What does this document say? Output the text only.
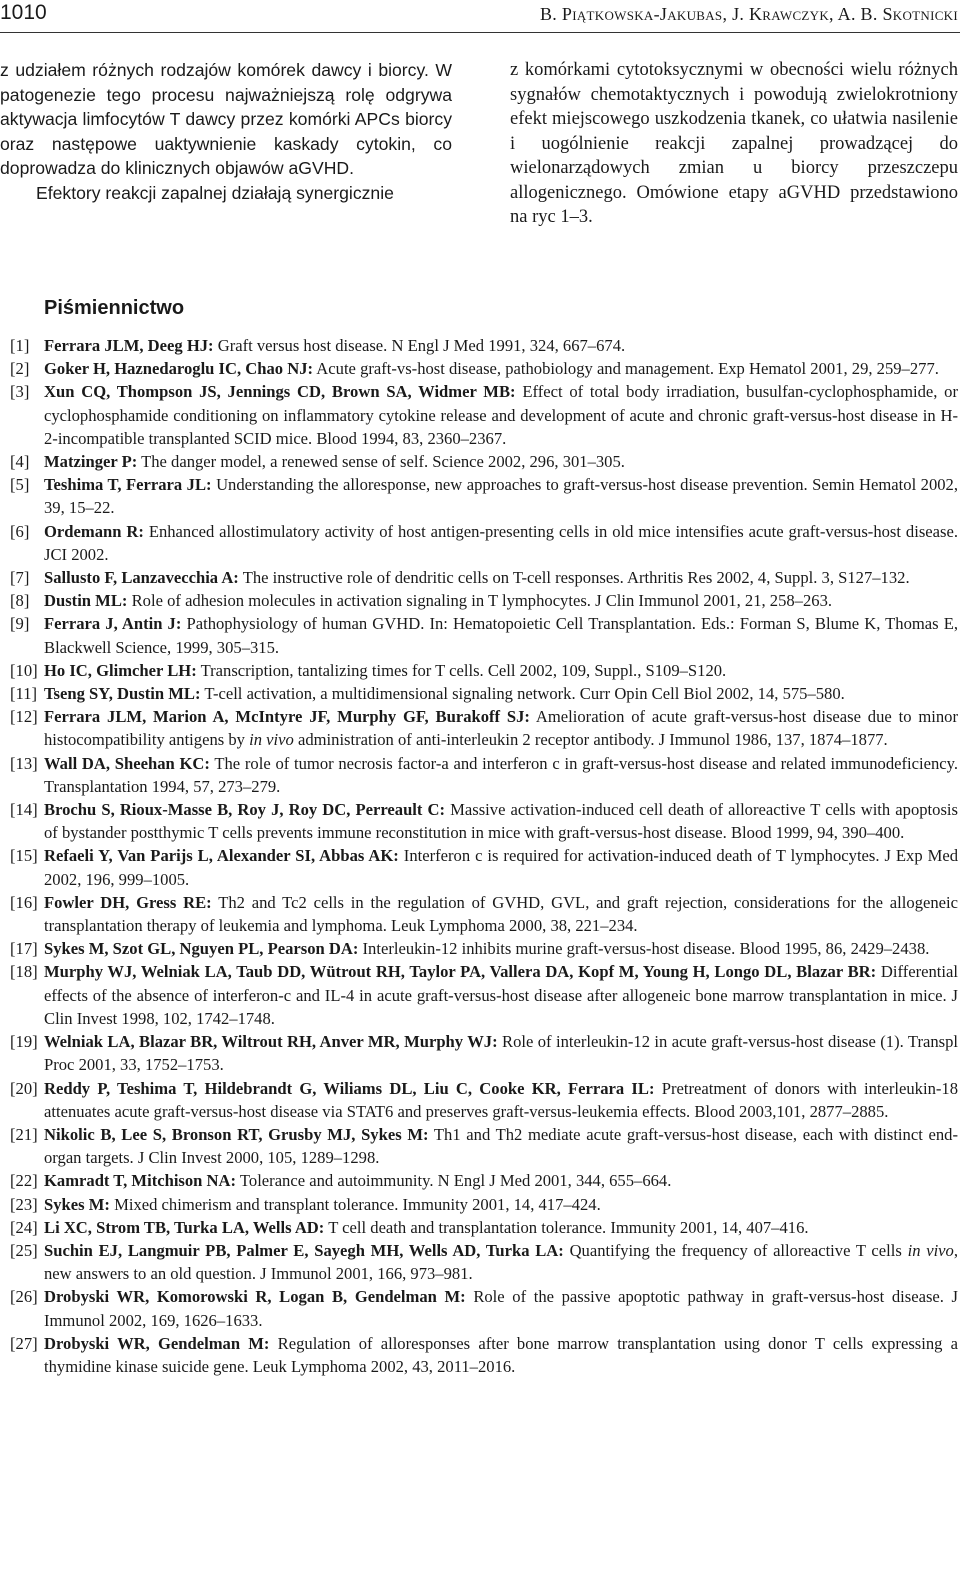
1010	B. Piątkowska-Jakubas, J. Krawczyk, A. B. Skotnicki

z udziałem różnych rodzajów komórek dawcy i biorcy. W patogenezie tego procesu najważniejszą rolę odgrywa aktywacja limfocytów T dawcy przez komórki APCs biorcy oraz następowe uaktywnienie kaskady cytokin, co doprowadza do klinicznych objawów aGVHD.

Efektory reakcji zapalnej działają synergicznie

z komórkami cytotoksycznymi w obecności wielu różnych sygnałów chemotaktycznych i powodują zwielokrotniony efekt miejscowego uszkodzenia tkanek, co ułatwia nasilenie i uogólnienie reakcji zapalnej prowadzącej do wielonarządowych zmian u biorcy przeszczepu allogenicznego. Omówione etapy aGVHD przedstawiono na ryc 1–3.

Piśmiennictwo
[1] Ferrara JLM, Deeg HJ: Graft versus host disease. N Engl J Med 1991, 324, 667–674.
[2] Goker H, Haznedaroglu IC, Chao NJ: Acute graft-vs-host disease, pathobiology and management. Exp Hematol 2001, 29, 259–277.
[3] Xun CQ, Thompson JS, Jennings CD, Brown SA, Widmer MB: Effect of total body irradiation, busulfan-cyclophosphamide, or cyclophosphamide conditioning on inflammatory cytokine release and development of acute and chronic graft-versus-host disease in H-2-incompatible transplanted SCID mice. Blood 1994, 83, 2360–2367.
[4] Matzinger P: The danger model, a renewed sense of self. Science 2002, 296, 301–305.
[5] Teshima T, Ferrara JL: Understanding the alloresponse, new approaches to graft-versus-host disease prevention. Semin Hematol 2002, 39, 15–22.
[6] Ordemann R: Enhanced allostimulatory activity of host antigen-presenting cells in old mice intensifies acute graft-versus-host disease. JCI 2002.
[7] Sallusto F, Lanzavecchia A: The instructive role of dendritic cells on T-cell responses. Arthritis Res 2002, 4, Suppl. 3, S127–132.
[8] Dustin ML: Role of adhesion molecules in activation signaling in T lymphocytes. J Clin Immunol 2001, 21, 258–263.
[9] Ferrara J, Antin J: Pathophysiology of human GVHD. In: Hematopoietic Cell Transplantation. Eds.: Forman S, Blume K, Thomas E, Blackwell Science, 1999, 305–315.
[10] Ho IC, Glimcher LH: Transcription, tantalizing times for T cells. Cell 2002, 109, Suppl., S109–S120.
[11] Tseng SY, Dustin ML: T-cell activation, a multidimensional signaling network. Curr Opin Cell Biol 2002, 14, 575–580.
[12] Ferrara JLM, Marion A, McIntyre JF, Murphy GF, Burakoff SJ: Amelioration of acute graft-versus-host disease due to minor histocompatibility antigens by in vivo administration of anti-interleukin 2 receptor antibody. J Immunol 1986, 137, 1874–1877.
[13] Wall DA, Sheehan KC: The role of tumor necrosis factor-a and interferon c in graft-versus-host disease and related immunodeficiency. Transplantation 1994, 57, 273–279.
[14] Brochu S, Rioux-Masse B, Roy J, Roy DC, Perreault C: Massive activation-induced cell death of alloreactive T cells with apoptosis of bystander postthymic T cells prevents immune reconstitution in mice with graft-versus-host disease. Blood 1999, 94, 390–400.
[15] Refaeli Y, Van Parijs L, Alexander SI, Abbas AK: Interferon c is required for activation-induced death of T lymphocytes. J Exp Med 2002, 196, 999–1005.
[16] Fowler DH, Gress RE: Th2 and Tc2 cells in the regulation of GVHD, GVL, and graft rejection, considerations for the allogeneic transplantation therapy of leukemia and lymphoma. Leuk Lymphoma 2000, 38, 221–234.
[17] Sykes M, Szot GL, Nguyen PL, Pearson DA: Interleukin-12 inhibits murine graft-versus-host disease. Blood 1995, 86, 2429–2438.
[18] Murphy WJ, Welniak LA, Taub DD, Wütrout RH, Taylor PA, Vallera DA, Kopf M, Young H, Longo DL, Blazar BR: Differential effects of the absence of interferon-c and IL-4 in acute graft-versus-host disease after allogeneic bone marrow transplantation in mice. J Clin Invest 1998, 102, 1742–1748.
[19] Welniak LA, Blazar BR, Wiltrout RH, Anver MR, Murphy WJ: Role of interleukin-12 in acute graft-versus-host disease (1). Transpl Proc 2001, 33, 1752–1753.
[20] Reddy P, Teshima T, Hildebrandt G, Wiliams DL, Liu C, Cooke KR, Ferrara IL: Pretreatment of donors with interleukin-18 attenuates acute graft-versus-host disease via STAT6 and preserves graft-versus-leukemia effects. Blood 2003,101, 2877–2885.
[21] Nikolic B, Lee S, Bronson RT, Grusby MJ, Sykes M: Th1 and Th2 mediate acute graft-versus-host disease, each with distinct end-organ targets. J Clin Invest 2000, 105, 1289–1298.
[22] Kamradt T, Mitchison NA: Tolerance and autoimmunity. N Engl J Med 2001, 344, 655–664.
[23] Sykes M: Mixed chimerism and transplant tolerance. Immunity 2001, 14, 417–424.
[24] Li XC, Strom TB, Turka LA, Wells AD: T cell death and transplantation tolerance. Immunity 2001, 14, 407–416.
[25] Suchin EJ, Langmuir PB, Palmer E, Sayegh MH, Wells AD, Turka LA: Quantifying the frequency of alloreactive T cells in vivo, new answers to an old question. J Immunol 2001, 166, 973–981.
[26] Drobyski WR, Komorowski R, Logan B, Gendelman M: Role of the passive apoptotic pathway in graft-versus-host disease. J Immunol 2002, 169, 1626–1633.
[27] Drobyski WR, Gendelman M: Regulation of alloresponses after bone marrow transplantation using donor T cells expressing a thymidine kinase suicide gene. Leuk Lymphoma 2002, 43, 2011–2016.
